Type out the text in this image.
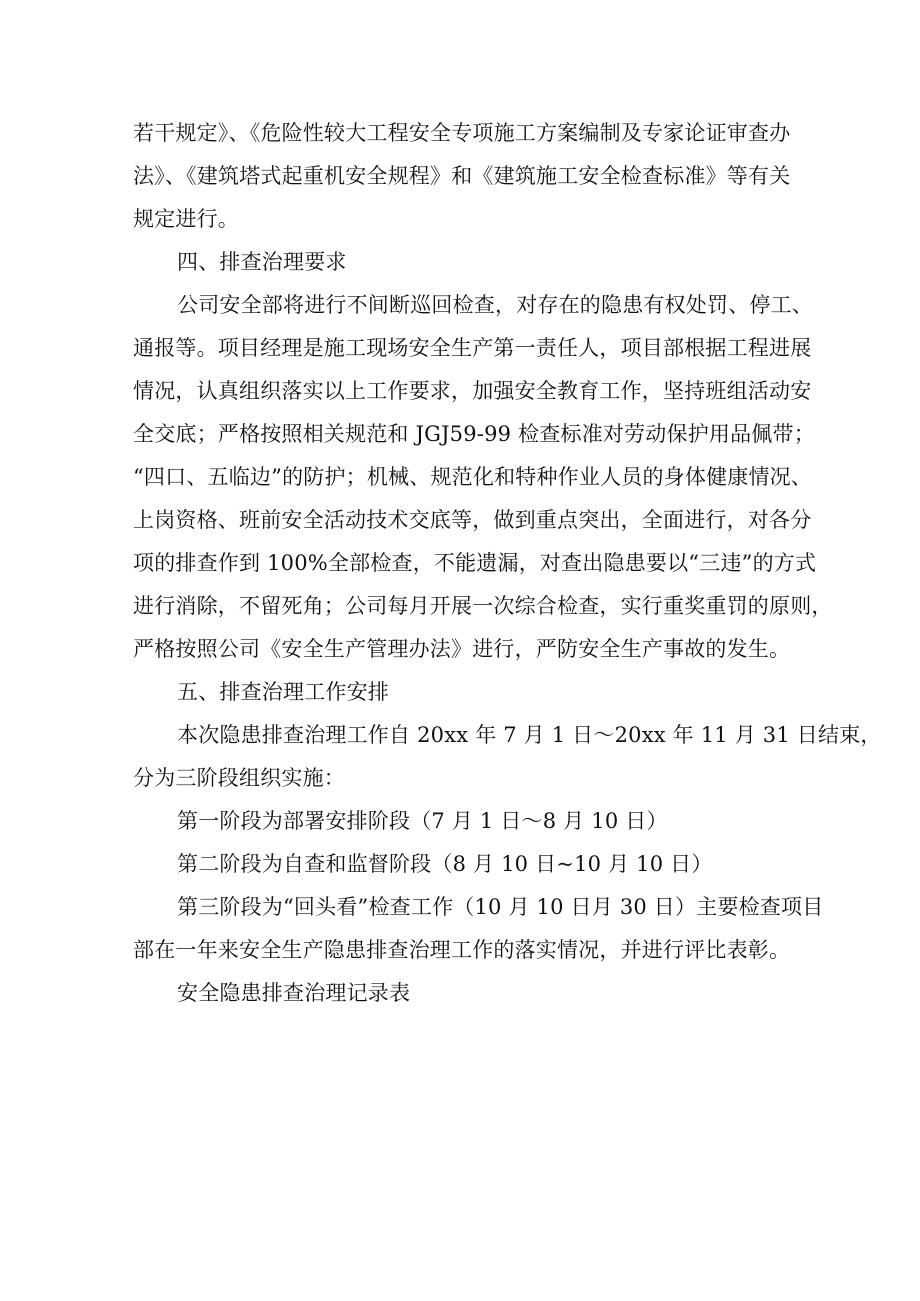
若干规定》、《危险性较大工程安全专项施工方案编制及专家论证审查办
法》、《建筑塔式起重机安全规程》和《建筑施工安全检查标准》等有关
规定进行。
四、排查治理要求
公司安全部将进行不间断巡回检查，对存在的隐患有权处罚、停工、
通报等。项目经理是施工现场安全生产第一责任人，项目部根据工程进展
情况，认真组织落实以上工作要求，加强安全教育工作，坚持班组活动安
全交底；严格按照相关规范和 JGJ59-99 检查标准对劳动保护用品佩带；
“四口、五临边”的防护；机械、规范化和特种作业人员的身体健康情况、
上岗资格、班前安全活动技术交底等，做到重点突出，全面进行，对各分
项的排查作到 100%全部检查，不能遗漏，对查出隐患要以“三违”的方式
进行消除，不留死角；公司每月开展一次综合检查，实行重奖重罚的原则，
严格按照公司《安全生产管理办法》进行，严防安全生产事故的发生。
五、排查治理工作安排
本次隐患排查治理工作自 20xx 年 7 月 1 日～20xx 年 11 月 31 日结束，
分为三阶段组织实施：
第一阶段为部署安排阶段（7 月 1 日～8 月 10 日）
第二阶段为自查和监督阶段（8 月 10 日~10 月 10 日）
第三阶段为“回头看”检查工作（10 月 10 日月 30 日）主要检查项目
部在一年来安全生产隐患排查治理工作的落实情况，并进行评比表彰。
安全隐患排查治理记录表
